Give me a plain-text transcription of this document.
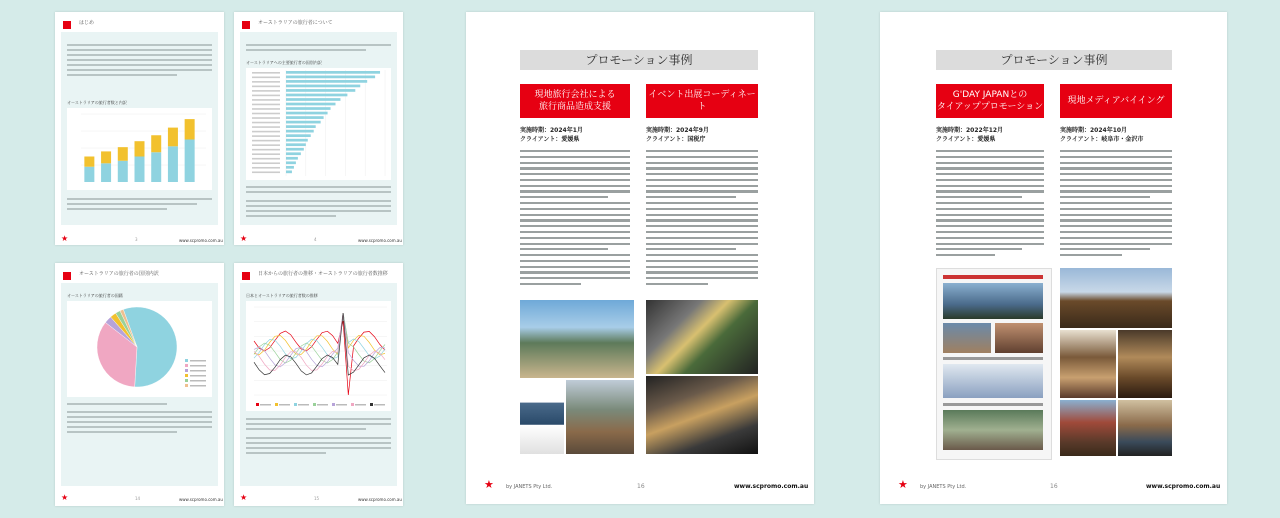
はじめ
オーストラリアの旅行者数と内訳
★	3	www.scpromo.com.au
オーストラリアの旅行者について
オーストラリアへの主要旅行者の国別内訳
★	4	www.scpromo.com.au
オーストラリアの旅行者の国別内訳
オーストラリアの旅行者の国籍
★	14	www.scpromo.com.au
日本からの旅行者の推移・オーストラリアの旅行者数推移
日本とオーストラリアの旅行者数の推移
★	15	www.scpromo.com.au
プロモーション事例
現地旅行会社による
旅行商品造成支援
イベント出展コーディネート
実施時期：2024年1月
クライアント：愛媛県
実施時期：2024年9月
クライアント：国税庁
★ by JANETS Pty Ltd.	16	www.scpromo.com.au
プロモーション事例
G'DAY JAPANとの
タイアッププロモーション
現地メディアバイイング
実施時期：2022年12月
クライアント：愛媛県
実施時期：2024年10月
クライアント：岐阜市・金沢市
★ by JANETS Pty Ltd.	16	www.scpromo.com.au
